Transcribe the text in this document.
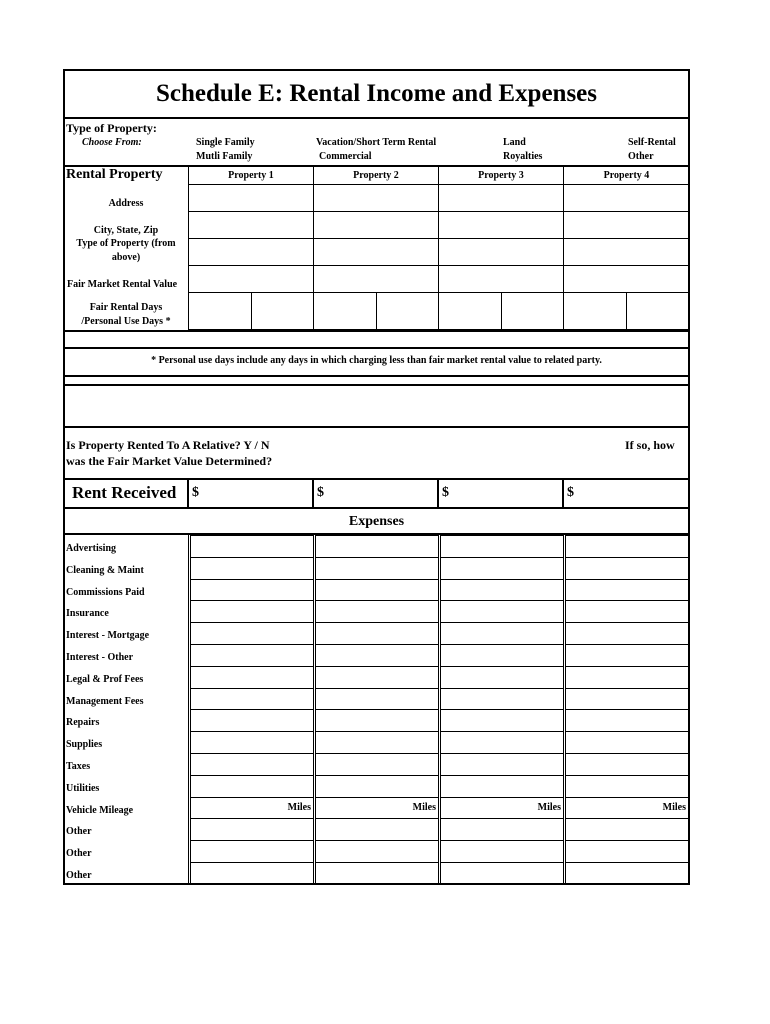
Schedule E: Rental Income and Expenses
Type of Property:
Choose From:	Single Family	Vacation/Short Term Rental	Land	Self-Rental
Mutli Family	Commercial	Royalties	Other
Rental Property	Property 1	Property 2	Property 3	Property 4
Address
City, State, Zip
Type of Property (from
above)
Fair Market Rental Value
Fair Rental Days
/Personal Use Days *
* Personal use days include any days in which charging less than fair market rental value to related party.
Is Property Rented To A Relative? Y / N
was the Fair Market Value Determined?
If so, how
Rent Received $	$	$	$
Expenses
Advertising
Cleaning & Maint
Commissions Paid
Insurance
Interest - Mortgage
Interest - Other
Legal & Prof Fees
Management Fees
Repairs
Supplies
Taxes
Utilities
Vehicle Mileage	Miles	Miles	Miles	Miles
Other
Other
Other
